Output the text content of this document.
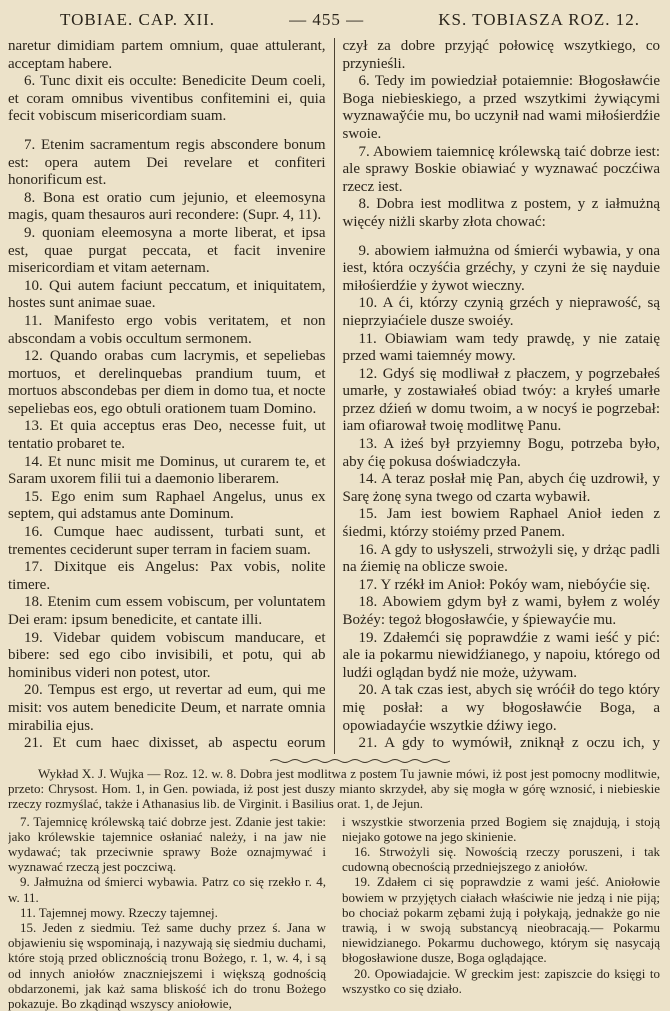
TOBIAE. CAP. XII.	— 455 —	KS. TOBIASZA ROZ. 12.

naretur dimidiam partem omnium, quae attulerant, acceptam habere.

6. Tunc dixit eis occulte: Benedicite Deum coeli, et coram omnibus viventibus confitemini ei, quia fecit vobiscum misericordiam suam.

7. Etenim sacramentum regis abscondere bonum est: opera autem Dei revelare et confiteri honorificum est.

8. Bona est oratio cum jejunio, et eleemosyna magis, quam thesauros auri recondere: (Supr. 4, 11).

9. quoniam eleemosyna a morte liberat, et ipsa est, quae purgat peccata, et facit invenire misericordiam et vitam aeternam.

10. Qui autem faciunt peccatum, et iniquitatem, hostes sunt animae suae.

11. Manifesto ergo vobis veritatem, et non abscondam a vobis occultum sermonem.

12. Quando orabas cum lacrymis, et sepeliebas mortuos, et derelinquebas prandium tuum, et mortuos abscondebas per diem in domo tua, et nocte sepeliebas eos, ego obtuli orationem tuam Domino.

13. Et quia acceptus eras Deo, necesse fuit, ut tentatio probaret te.

14. Et nunc misit me Dominus, ut curarem te, et Saram uxorem filii tui a daemonio liberarem.

15. Ego enim sum Raphael Angelus, unus ex septem, qui adstamus ante Dominum.

16. Cumque haec audissent, turbati sunt, et trementes ceciderunt super terram in faciem suam.

17. Dixitque eis Angelus: Pax vobis, nolite timere.

18. Etenim cum essem vobiscum, per voluntatem Dei eram: ipsum benedicite, et cantate illi.

19. Videbar quidem vobiscum manducare, et bibere: sed ego cibo invisibili, et potu, qui ab hominibus videri non potest, utor.

20. Tempus est ergo, ut revertar ad eum, qui me misit: vos autem benedicite Deum, et narrate omnia mirabilia ejus.

21. Et cum haec dixisset, ab aspectu eorum

czył za dobre przyjąć połowicę wszytkiego, co przynieśli.

6. Tedy im powiedział potaiemnie: Błogosławćie Boga niebieskiego, a przed wszytkimi żywiącymi wyznaway̆ćie mu, bo uczynił nad wami miłośierdźie swoie.

7. Abowiem taiemnicę królewską taić dobrze iest: ale sprawy Boskie obiawiać y wyznawać poczćiwa rzecz iest.

8. Dobra iest modlitwa z postem, y z iałmużną więcéy niżli skarby złota chować:

9. abowiem iałmużna od śmierći wybawia, y ona iest, która oczyśćia grzéchy, y czyni że się nayduie miłośierdźie y żywot wieczny.

10. A ći, którzy czynią grzéch y nieprawość, są nieprzyiaćiele dusze swoiéy.

11. Obiawiam wam tedy prawdę, y nie zataię przed wami taiemnéy mowy.

12. Gdyś się modliwał z płaczem, y pogrzebałeś umarłe, y zostawiałeś obiad twóy: a kryłeś umarłe przez dźień w domu twoim, a w nocyś ie pogrzebał: iam ofiarował twoię modlitwę Panu.

13. A iżeś był przyiemny Bogu, potrzeba było, aby ćię pokusa doświadczyła.

14. A teraz posłał mię Pan, abych ćię uzdrowił, y Sarę żonę syna twego od czarta wybawił.

15. Jam iest bowiem Raphael Anioł ieden z śiedmi, którzy stoiémy przed Panem.

16. A gdy to usłyszeli, strwożyli się, y drżąc padli na źiemię na oblicze swoie.

17. Y rzékł im Anioł: Pokóy wam, niebóyćie się.

18. Abowiem gdym był z wami, byłem z woléy Bożéy: tegoż błogosławćie, y śpiewayćie mu.

19. Zdałemći się poprawdźie z wami ieść y pić: ale ia pokarmu niewidźianego, y napoiu, którego od ludźi oglądan bydź nie może, używam.

20. A tak czas iest, abych się wróćił do tego który mię posłał: a wy błogosławćie Boga, a opowiadayćie wszytkie dźiwy iego.

21. A gdy to wymówił, zniknął z oczu ich, y

Wykład X. J. Wujka — Roz. 12. w. 8. Dobra jest modlitwa z postem Tu jawnie mówi, iż post jest pomocny modlitwie, przeto: Chrysost. Hom. 1, in Gen. powiada, iż post jest duszy mianto skrzydeł, aby się mogła w górę wznosić, i niebieskie rzeczy rozmyślać, także i Athanasius lib. de Virginit. i Basilius orat. 1, de Jejun.

7. Tajemnicę królewską taić dobrze jest. Zdanie jest takie: jako królewskie tajemnice osłaniać należy, i na jaw nie wydawać; tak przeciwnie sprawy Boże oznajmywać i wyznawać rzeczą jest poczciwą.

9. Jałmużna od śmierci wybawia. Patrz co się rzekło r. 4, w. 11.

11. Tajemnej mowy. Rzeczy tajemnej.

15. Jeden z siedmiu. Też same duchy przez ś. Jana w objawieniu się wspominają, i nazywają się siedmiu duchami, które stoją przed oblicznością tronu Bożego, r. 1, w. 4, i są od innych aniołów znaczniejszemi i większą godnością obdarzonemi, jak każ sama bliskość ich do tronu Bożego pokazuje. Bo zkądinąd wszyscy aniołowie,

i wszystkie stworzenia przed Bogiem się znajdują, i stoją niejako gotowe na jego skinienie.

16. Strwożyli się. Nowością rzeczy poruszeni, i tak cudowną obecnością przedniejszego z aniołów.

19. Zdałem ci się poprawdzie z wami jeść. Aniołowie bowiem w przyjętych ciałach właściwie nie jedzą i nie piją; bo chociaż pokarm zębami żują i połykają, jednakże go nie trawią, i w swoją substancyą nieobracają.— Pokarmu niewidzianego. Pokarmu duchowego, którym się nasycają błogosławione dusze, Boga oglądające.

20. Opowiadajcie. W greckim jest: zapiszcie do księgi to wszystko co się działo.
